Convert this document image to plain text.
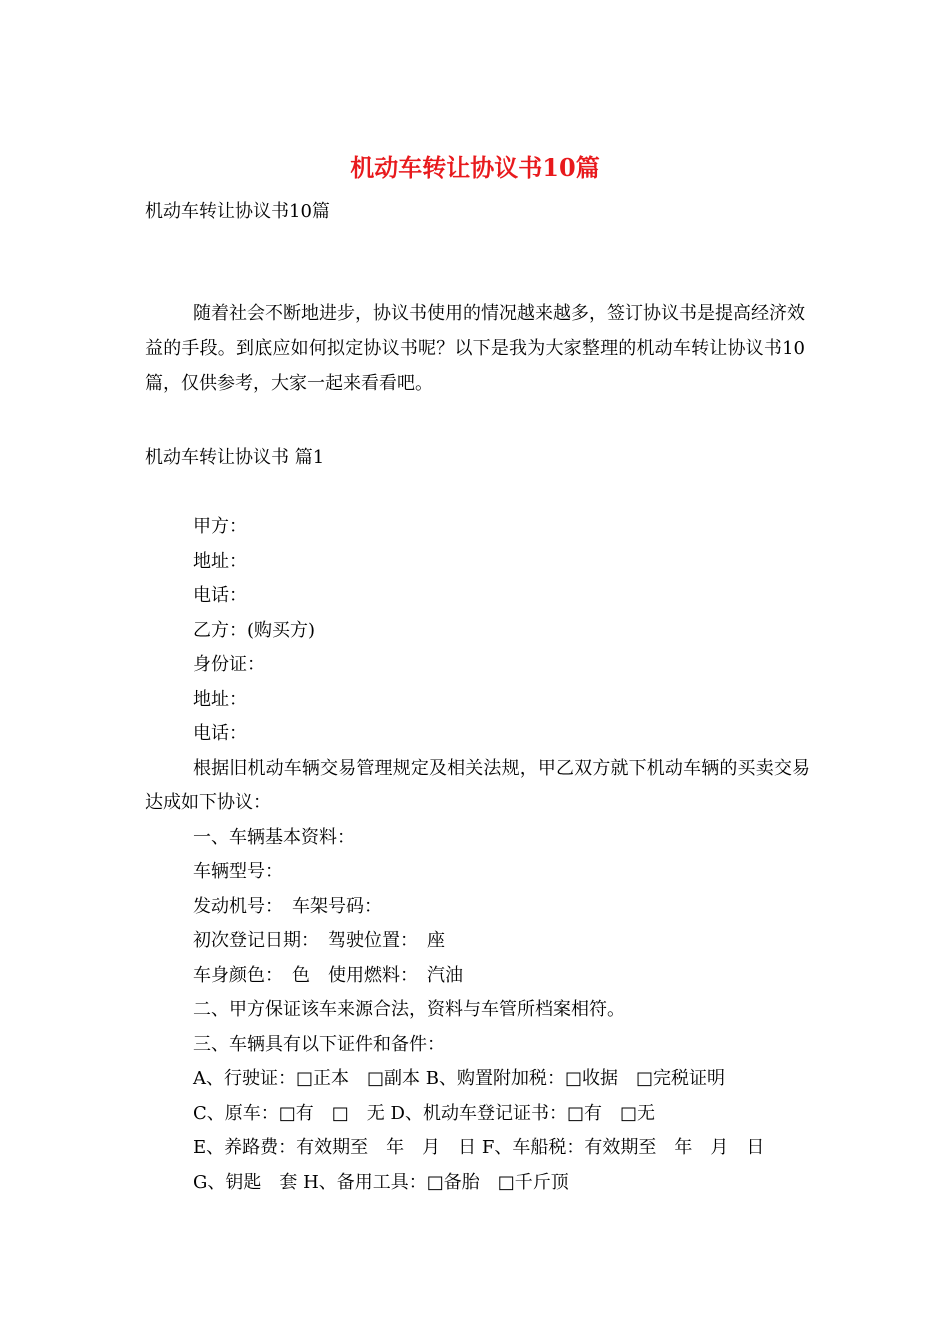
机动车转让协议书10篇
机动车转让协议书10篇
随着社会不断地进步，协议书使用的情况越来越多，签订协议书是提高经济效益的手段。到底应如何拟定协议书呢？以下是我为大家整理的机动车转让协议书10篇，仅供参考，大家一起来看看吧。
机动车转让协议书 篇1

甲方：

地址：

电话：

乙方：(购买方)

身份证：

地址：

电话：

根据旧机动车辆交易管理规定及相关法规，甲乙双方就下机动车辆的买卖交易达成如下协议：

一、车辆基本资料：

车辆型号：

发动机号：　车架号码：

初次登记日期：　驾驶位置：　座

车身颜色：　色　使用燃料：　汽油

二、甲方保证该车来源合法，资料与车管所档案相符。

三、车辆具有以下证件和备件：

A、行驶证：□正本　□副本 B、购置附加税：□收据　□完税证明

C、原车：□有　□　无 D、机动车登记证书：□有　□无

E、养路费：有效期至　年　月　日 F、车船税：有效期至　年　月　日

G、钥匙　套 H、备用工具：□备胎　□千斤顶
